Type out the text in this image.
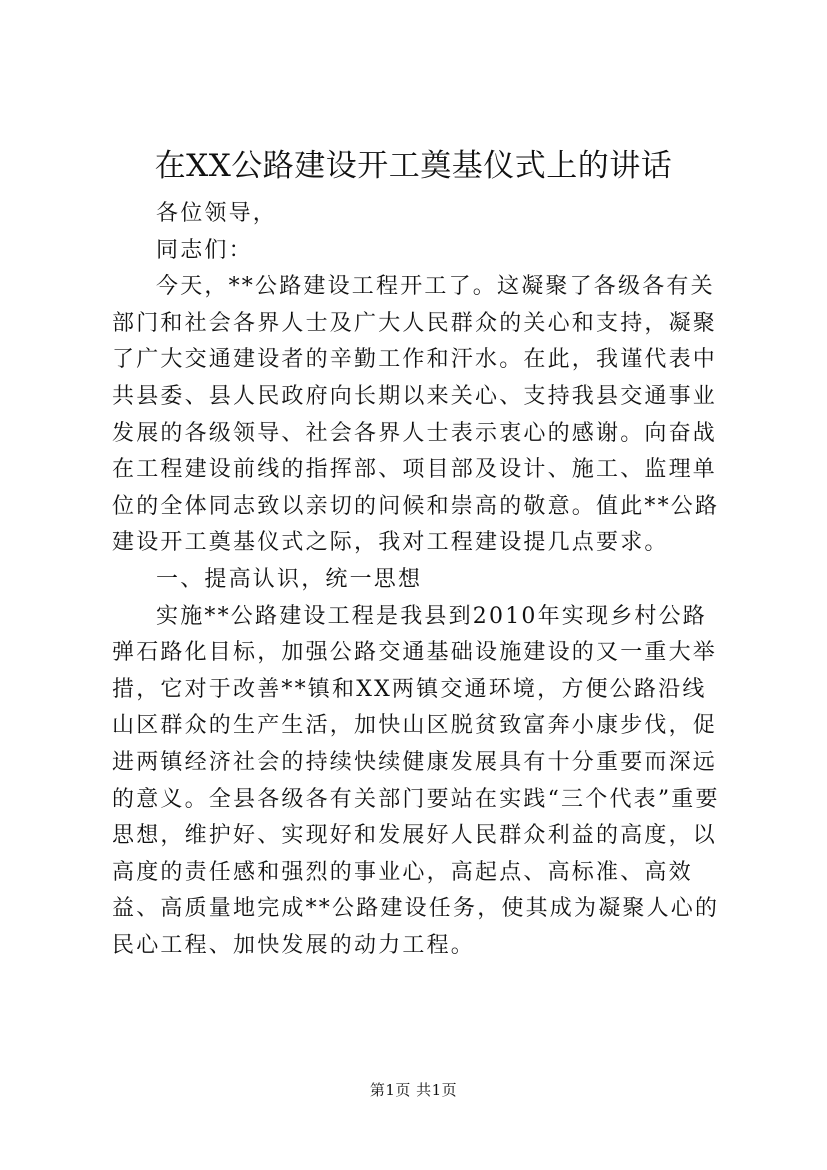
在XX公路建设开工奠基仪式上的讲话

各位领导，

同志们：

今天，**公路建设工程开工了。这凝聚了各级各有关部门和社会各界人士及广大人民群众的关心和支持，凝聚了广大交通建设者的辛勤工作和汗水。在此，我谨代表中共县委、县人民政府向长期以来关心、支持我县交通事业发展的各级领导、社会各界人士表示衷心的感谢。向奋战在工程建设前线的指挥部、项目部及设计、施工、监理单位的全体同志致以亲切的问候和崇高的敬意。值此**公路建设开工奠基仪式之际，我对工程建设提几点要求。

一、提高认识，统一思想

实施**公路建设工程是我县到2010年实现乡村公路弹石路化目标，加强公路交通基础设施建设的又一重大举措，它对于改善**镇和XX两镇交通环境，方便公路沿线山区群众的生产生活，加快山区脱贫致富奔小康步伐，促进两镇经济社会的持续快续健康发展具有十分重要而深远的意义。全县各级各有关部门要站在实践“三个代表”重要思想，维护好、实现好和发展好人民群众利益的高度，以高度的责任感和强烈的事业心，高起点、高标准、高效益、高质量地完成**公路建设任务，使其成为凝聚人心的民心工程、加快发展的动力工程。

第1页 共1页
